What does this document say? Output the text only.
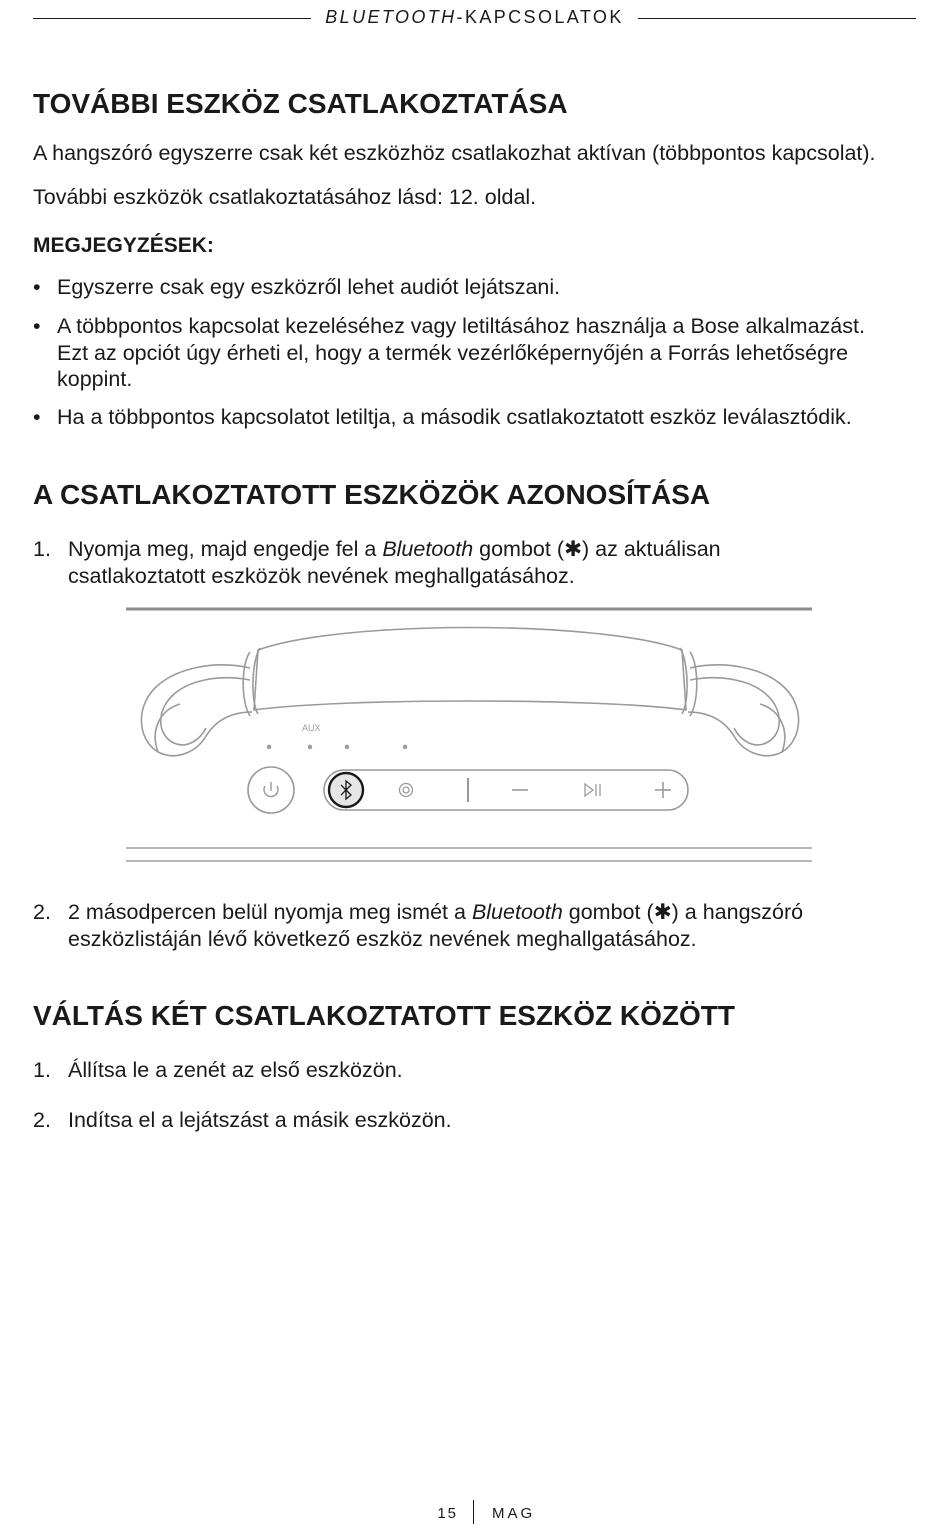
BLUETOOTH-KAPCSOLATOK
TOVÁBBI ESZKÖZ CSATLAKOZTATÁSA

A hangszóró egyszerre csak két eszközhöz csatlakozhat aktívan (többpontos kapcsolat).

További eszközök csatlakoztatásához lásd: 12. oldal.

MEGJEGYZÉSEK:
• Egyszerre csak egy eszközről lehet audiót lejátszani.
• A többpontos kapcsolat kezeléséhez vagy letiltásához használja a Bose alkalmazást. Ezt az opciót úgy érheti el, hogy a termék vezérlőképernyőjén a Forrás lehetőségre koppint.
• Ha a többpontos kapcsolatot letiltja, a második csatlakoztatott eszköz leválasztódik.
A CSATLAKOZTATOTT ESZKÖZÖK AZONOSÍTÁSA
1. Nyomja meg, majd engedje fel a Bluetooth gombot (✱) az aktuálisan csatlakoztatott eszközök nevének meghallgatásához.
AUX
2. 2 másodpercen belül nyomja meg ismét a Bluetooth gombot (✱) a hangszóró eszközlistáján lévő következő eszköz nevének meghallgatásához.
VÁLTÁS KÉT CSATLAKOZTATOTT ESZKÖZ KÖZÖTT
1. Állítsa le a zenét az első eszközön.
2. Indítsa el a lejátszást a másik eszközön.
15 MAG
